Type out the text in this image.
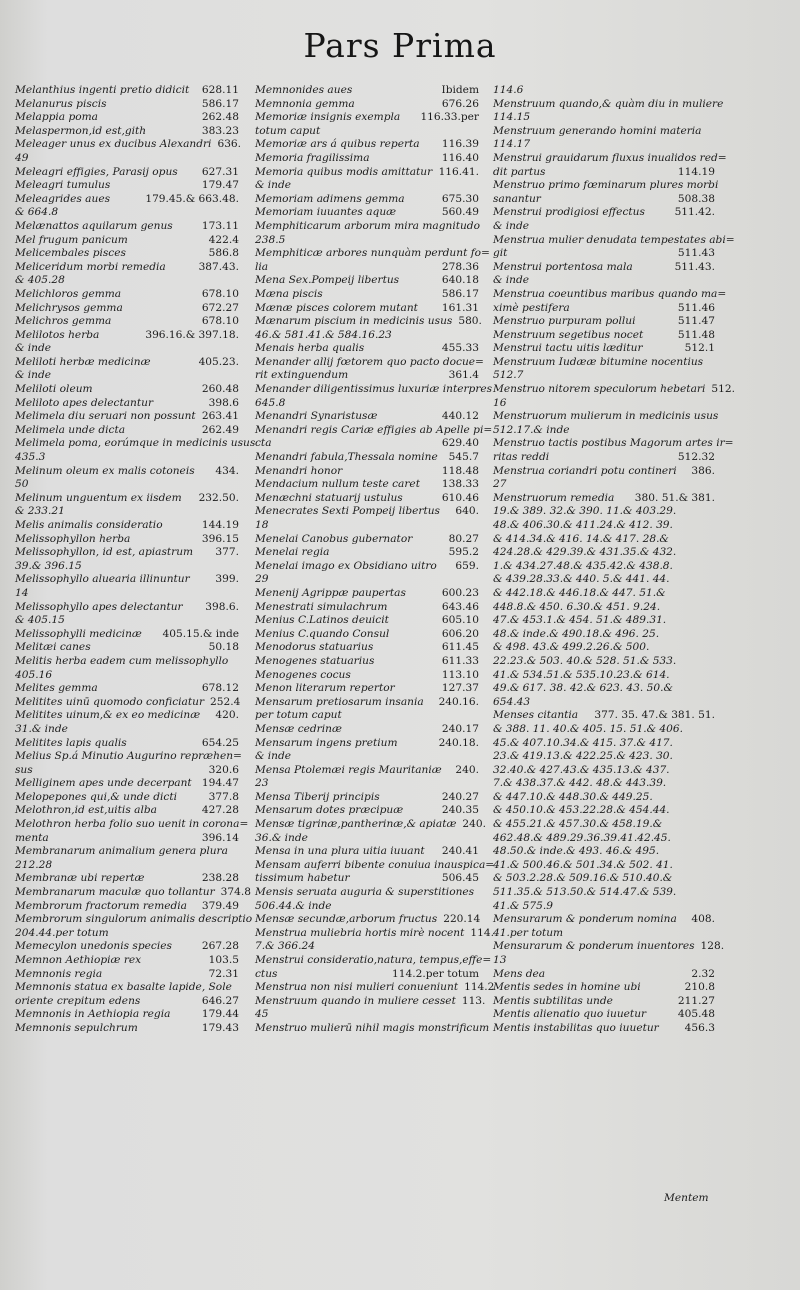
Pars Prima
Melanthius ingenti pretio didicit	628.11
Melanurus piscis	586.17
Melappia poma	262.48
Melaspermon,id est,gith	383.23
Meleager unus ex ducibus Alexandri 636.
49
Meleagri effigies, Parasij opus	627.31
Meleagri tumulus	179.47
Meleagrides aues	179.45.& 663.48.
& 664.8
Melænattos aquilarum genus	173.11
Mel frugum panicum	422.4
Melicembales pisces	586.8
Meliceridum morbi remedia	387.43.
& 405.28
Melichloros gemma	678.10
Melichrysos gemma	672.27
Melichros gemma	678.10
Melilotos herba	396.16.& 397.18.
& inde
Meliloti herbæ medicinæ	405.23.
& inde
Meliloti oleum	260.48
Meliloto apes delectantur	398.6
Melimela diu seruari non possunt 263.41
Melimela unde dicta	262.49
Melimela poma, eorúmque in medicinis usus
435.3
Melinum oleum ex malis cotoneis	434.
50
Melinum unguentum ex iisdem	232.50.
& 233.21
Melis animalis consideratio	144.19
Melissophyllon herba	396.15
Melissophyllon, id est, apiastrum	377.
39.& 396.15
Melissophyllo aluearia illinuntur	399.
14
Melissophyllo apes delectantur	398.6.
& 405.15
Melissophylli medicinæ	405.15.& inde
Melitæi canes	50.18
Melitis herba eadem cum melissophyllo
405.16
Melites gemma	678.12
Melitites uinū quomodo conficiatur 252.4
Melitites uinum,& ex eo medicinæ	420.
31.& inde
Melitites lapis qualis	654.25
Melius Sp.á Minutio Augurino repræhen=
sus	320.6
Melliginem apes unde decerpant 194.47
Melopepones qui,& unde dicti	377.8
Melothron,id est,uitis alba	427.28
Melothron herba folio suo uenit in corona=
menta	396.14
Membranarum animalium genera plura
212.28
Membranæ ubi repertæ	238.28
Membranarum maculæ quo tollantur 374.8
Membrorum fractorum remedia	379.49
Membrorum singulorum animalis descriptio
204.44.per totum
Memecylon unedonis species	267.28
Memnon Aethiopiæ rex	103.5
Memnonis regia	72.31
Memnonis statua ex basalte lapide, Sole
oriente crepitum edens	646.27
Memnonis in Aethiopia regia	179.44
Memnonis sepulchrum	179.43
Memnonides aues	Ibidem
Memnonia gemma	676.26
Memoriæ insignis exempla	116.33.per
totum caput
Memoriæ ars á quibus reperta	116.39
Memoria fragilissima	116.40
Memoria quibus modis amittatur 116.41.
& inde
Memoriam adimens gemma	675.30
Memoriam iuuantes aquæ	560.49
Memphiticarum arborum mira magnitudo
238.5
Memphiticæ arbores nunquàm perdunt fo=
lia	278.36
Mena Sex.Pompeij libertus	640.18
Mæna piscis	586.17
Mænæ pisces colorem mutant	161.31
Mænarum piscium in medicinis usus 580.
46.& 581.41.& 584.16.23
Menais herba qualis	455.33
Menander allij fœtorem quo pacto docue=
rit extinguendum	361.4
Menander diligentissimus luxuriæ interpres
645.8
Menandri Synaristusæ	440.12
Menandri regis Cariæ effigies ab Apelle pi=
cta	629.40
Menandri fabula,Thessala nomine	545.7
Menandri honor	118.48
Mendacium nullum teste caret	138.33
Menæchni statuarij ustulus	610.46
Menecrates Sexti Pompeij libertus	640.
18
Menelai Canobus gubernator	80.27
Menelai regia	595.2
Menelai imago ex Obsidiano uitro	659.
29
Menenij Agrippæ paupertas	600.23
Menestrati simulachrum	643.46
Menius C.Latinos deuicit	605.10
Menius C.quando Consul	606.20
Menodorus statuarius	611.45
Menogenes statuarius	611.33
Menogenes cocus	113.10
Menon literarum repertor	127.37
Mensarum pretiosarum insania	240.16.
per totum caput
Mensæ cedrinæ	240.17
Mensarum ingens pretium	240.18.
& inde
Mensa Ptolemæi regis Mauritaniæ	240.
23
Mensa Tiberij principis	240.27
Mensarum dotes præcipuæ	240.35
Mensæ tigrinæ,pantherinæ,& apiatæ 240.
36.& inde
Mensa in una plura uitia iuuant	240.41
Mensam auferri bibente conuiua inauspica=
tissimum habetur	506.45
Mensis seruata auguria & superstitiones
506.44.& inde
Mensæ secundæ,arborum fructus 220.14
Menstrua muliebria hortis mirè nocent 114.
7.& 366.24
Menstrui consideratio,natura, tempus,effe=
ctus	114.2.per totum
Menstrua non nisi mulieri conueniunt 114.2
Menstruum quando in muliere cesset 113.
45
Menstruo mulierū nihil magis monstrificum
114.6
Menstruum quando,& quàm diu in muliere
114.15
Menstruum generando homini materia
114.17
Menstrui grauidarum fluxus inualidos red=
dit partus	114.19
Menstruo primo fœminarum plures morbi
sanantur	508.38
Menstrui prodigiosi effectus	511.42.
& inde
Menstrua mulier denudata tempestates abi=
git	511.43
Menstrui portentosa mala	511.43.
& inde
Menstrua coeuntibus maribus quando ma=
ximè pestifera	511.46
Menstruo purpuram pollui	511.47
Menstruum segetibus nocet	511.48
Menstrui tactu uitis læditur	512.1
Menstruum Iudææ bitumine nocentius
512.7
Menstruo nitorem speculorum hebetari 512.
16
Menstruorum mulierum in medicinis usus
512.17.& inde
Menstruo tactis postibus Magorum artes ir=
ritas reddi	512.32
Menstrua coriandri potu contineri	386.
27
Menstruorum remedia	380. 51.& 381.
19.& 389. 32.& 390. 11.& 403.29.
48.& 406.30.& 411.24.& 412. 39.
& 414.34.& 416. 14.& 417. 28.&
424.28.& 429.39.& 431.35.& 432.
1.& 434.27.48.& 435.42.& 438.8.
& 439.28.33.& 440. 5.& 441. 44.
& 442.18.& 446.18.& 447. 51.&
448.8.& 450. 6.30.& 451. 9.24.
47.& 453.1.& 454. 51.& 489.31.
48.& inde.& 490.18.& 496. 25.
& 498. 43.& 499.2.26.& 500.
22.23.& 503. 40.& 528. 51.& 533.
41.& 534.51.& 535.10.23.& 614.
49.& 617. 38. 42.& 623. 43. 50.&
654.43
Menses citantia	377. 35. 47.& 381. 51.
& 388. 11. 40.& 405. 15. 51.& 406.
45.& 407.10.34.& 415. 37.& 417.
23.& 419.13.& 422.25.& 423. 30.
32.40.& 427.43.& 435.13.& 437.
7.& 438.37.& 442. 48.& 443.39.
& 447.10.& 448.30.& 449.25.
& 450.10.& 453.22.28.& 454.44.
& 455.21.& 457.30.& 458.19.&
462.48.& 489.29.36.39.41.42.45.
48.50.& inde.& 493. 46.& 495.
41.& 500.46.& 501.34.& 502. 41.
& 503.2.28.& 509.16.& 510.40.&
511.35.& 513.50.& 514.47.& 539.
41.& 575.9
Mensurarum & ponderum nomina	408.
41.per totum
Mensurarum & ponderum inuentores 128.
13
Mens dea	2.32
Mentis sedes in homine ubi	210.8
Mentis subtilitas unde	211.27
Mentis alienatio quo iuuetur	405.48
Mentis instabilitas quo iuuetur	456.3
Mentem
